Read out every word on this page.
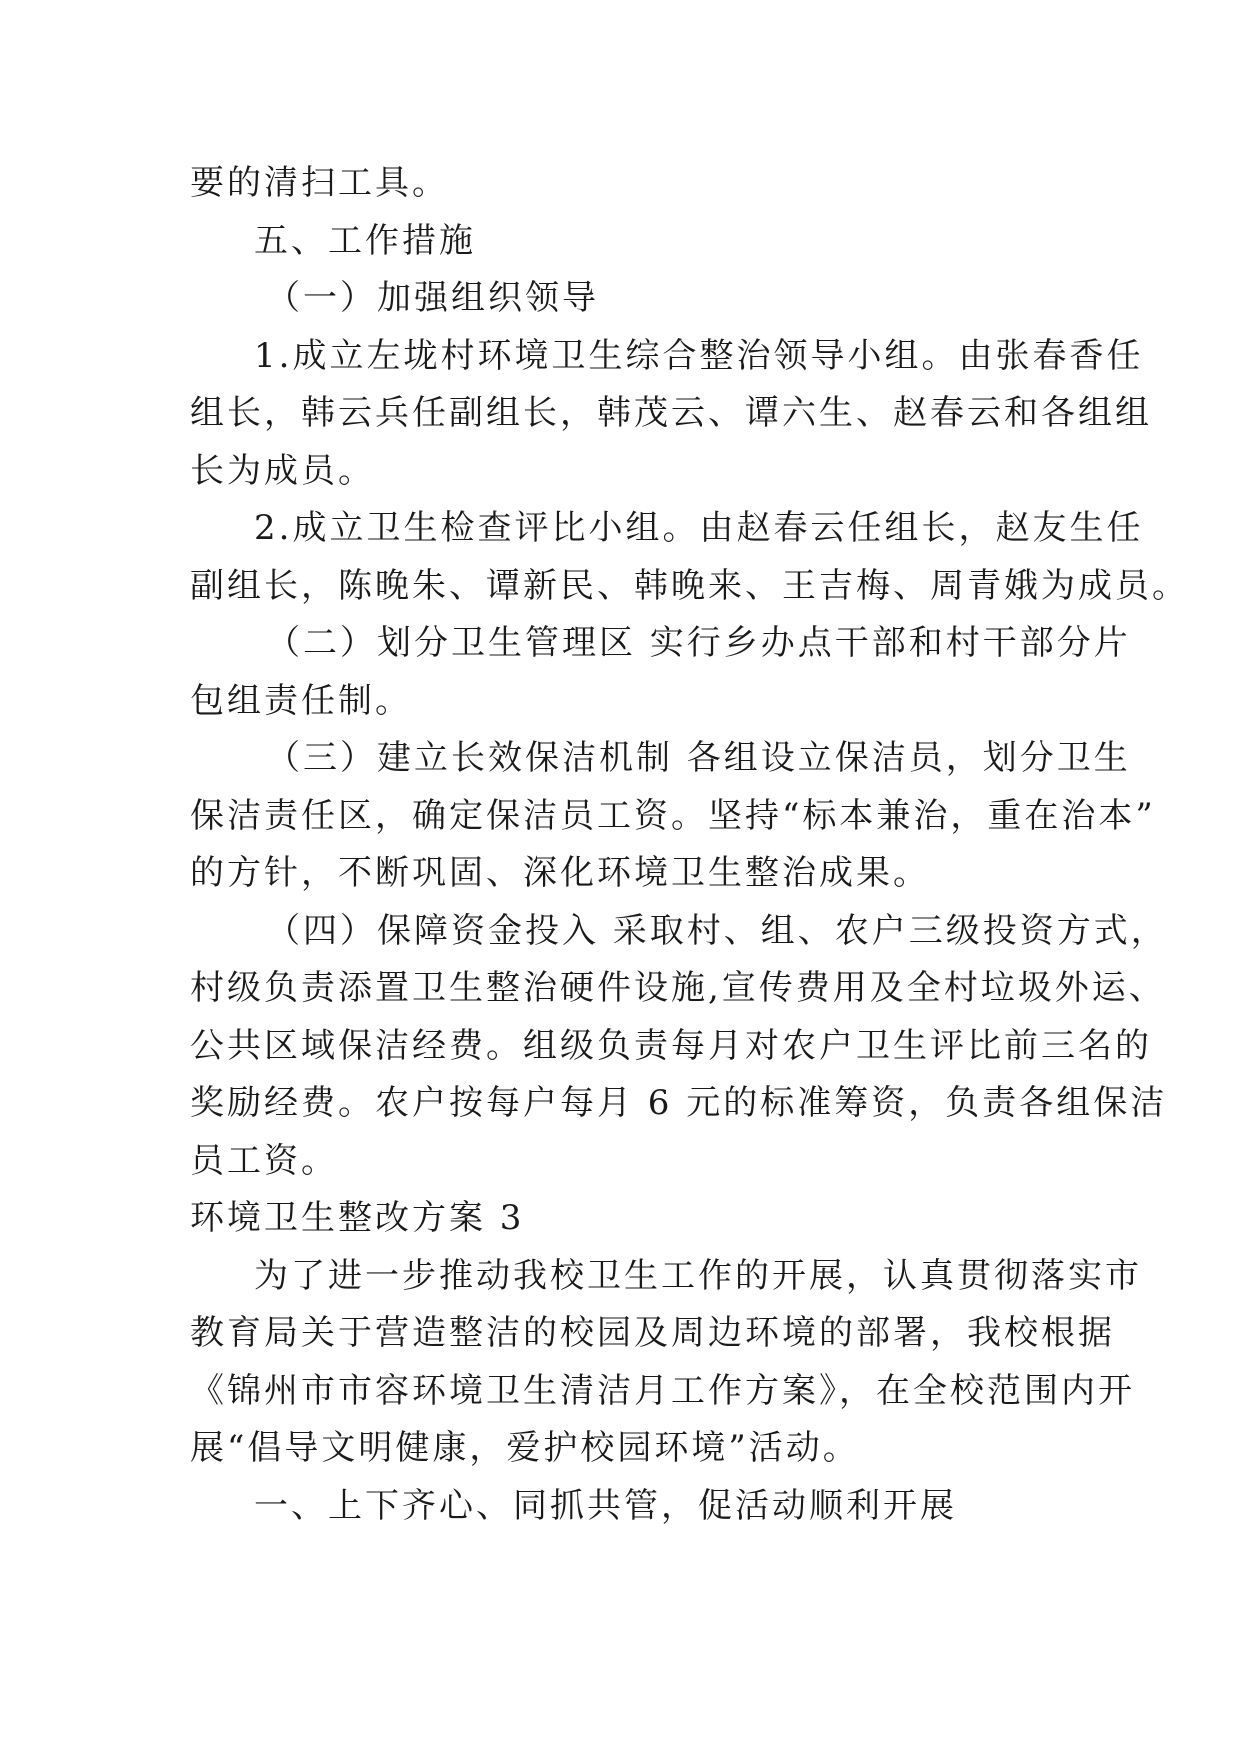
要的清扫工具。
五、工作措施
（一）加强组织领导
1.成立左垅村环境卫生综合整治领导小组。由张春香任
组长，韩云兵任副组长，韩茂云、谭六生、赵春云和各组组
长为成员。
2.成立卫生检查评比小组。由赵春云任组长，赵友生任
副组长，陈晚朱、谭新民、韩晚来、王吉梅、周青娥为成员。
（二）划分卫生管理区 实行乡办点干部和村干部分片
包组责任制。
（三）建立长效保洁机制 各组设立保洁员，划分卫生
保洁责任区，确定保洁员工资。坚持“标本兼治，重在治本”
的方针，不断巩固、深化环境卫生整治成果。
（四）保障资金投入 采取村、组、农户三级投资方式，
村级负责添置卫生整治硬件设施,宣传费用及全村垃圾外运、
公共区域保洁经费。组级负责每月对农户卫生评比前三名的
奖励经费。农户按每户每月 6 元的标准筹资，负责各组保洁
员工资。
环境卫生整改方案 3
为了进一步推动我校卫生工作的开展，认真贯彻落实市
教育局关于营造整洁的校园及周边环境的部署，我校根据
《锦州市市容环境卫生清洁月工作方案》，在全校范围内开
展“倡导文明健康，爱护校园环境”活动。
一、上下齐心、同抓共管，促活动顺利开展
